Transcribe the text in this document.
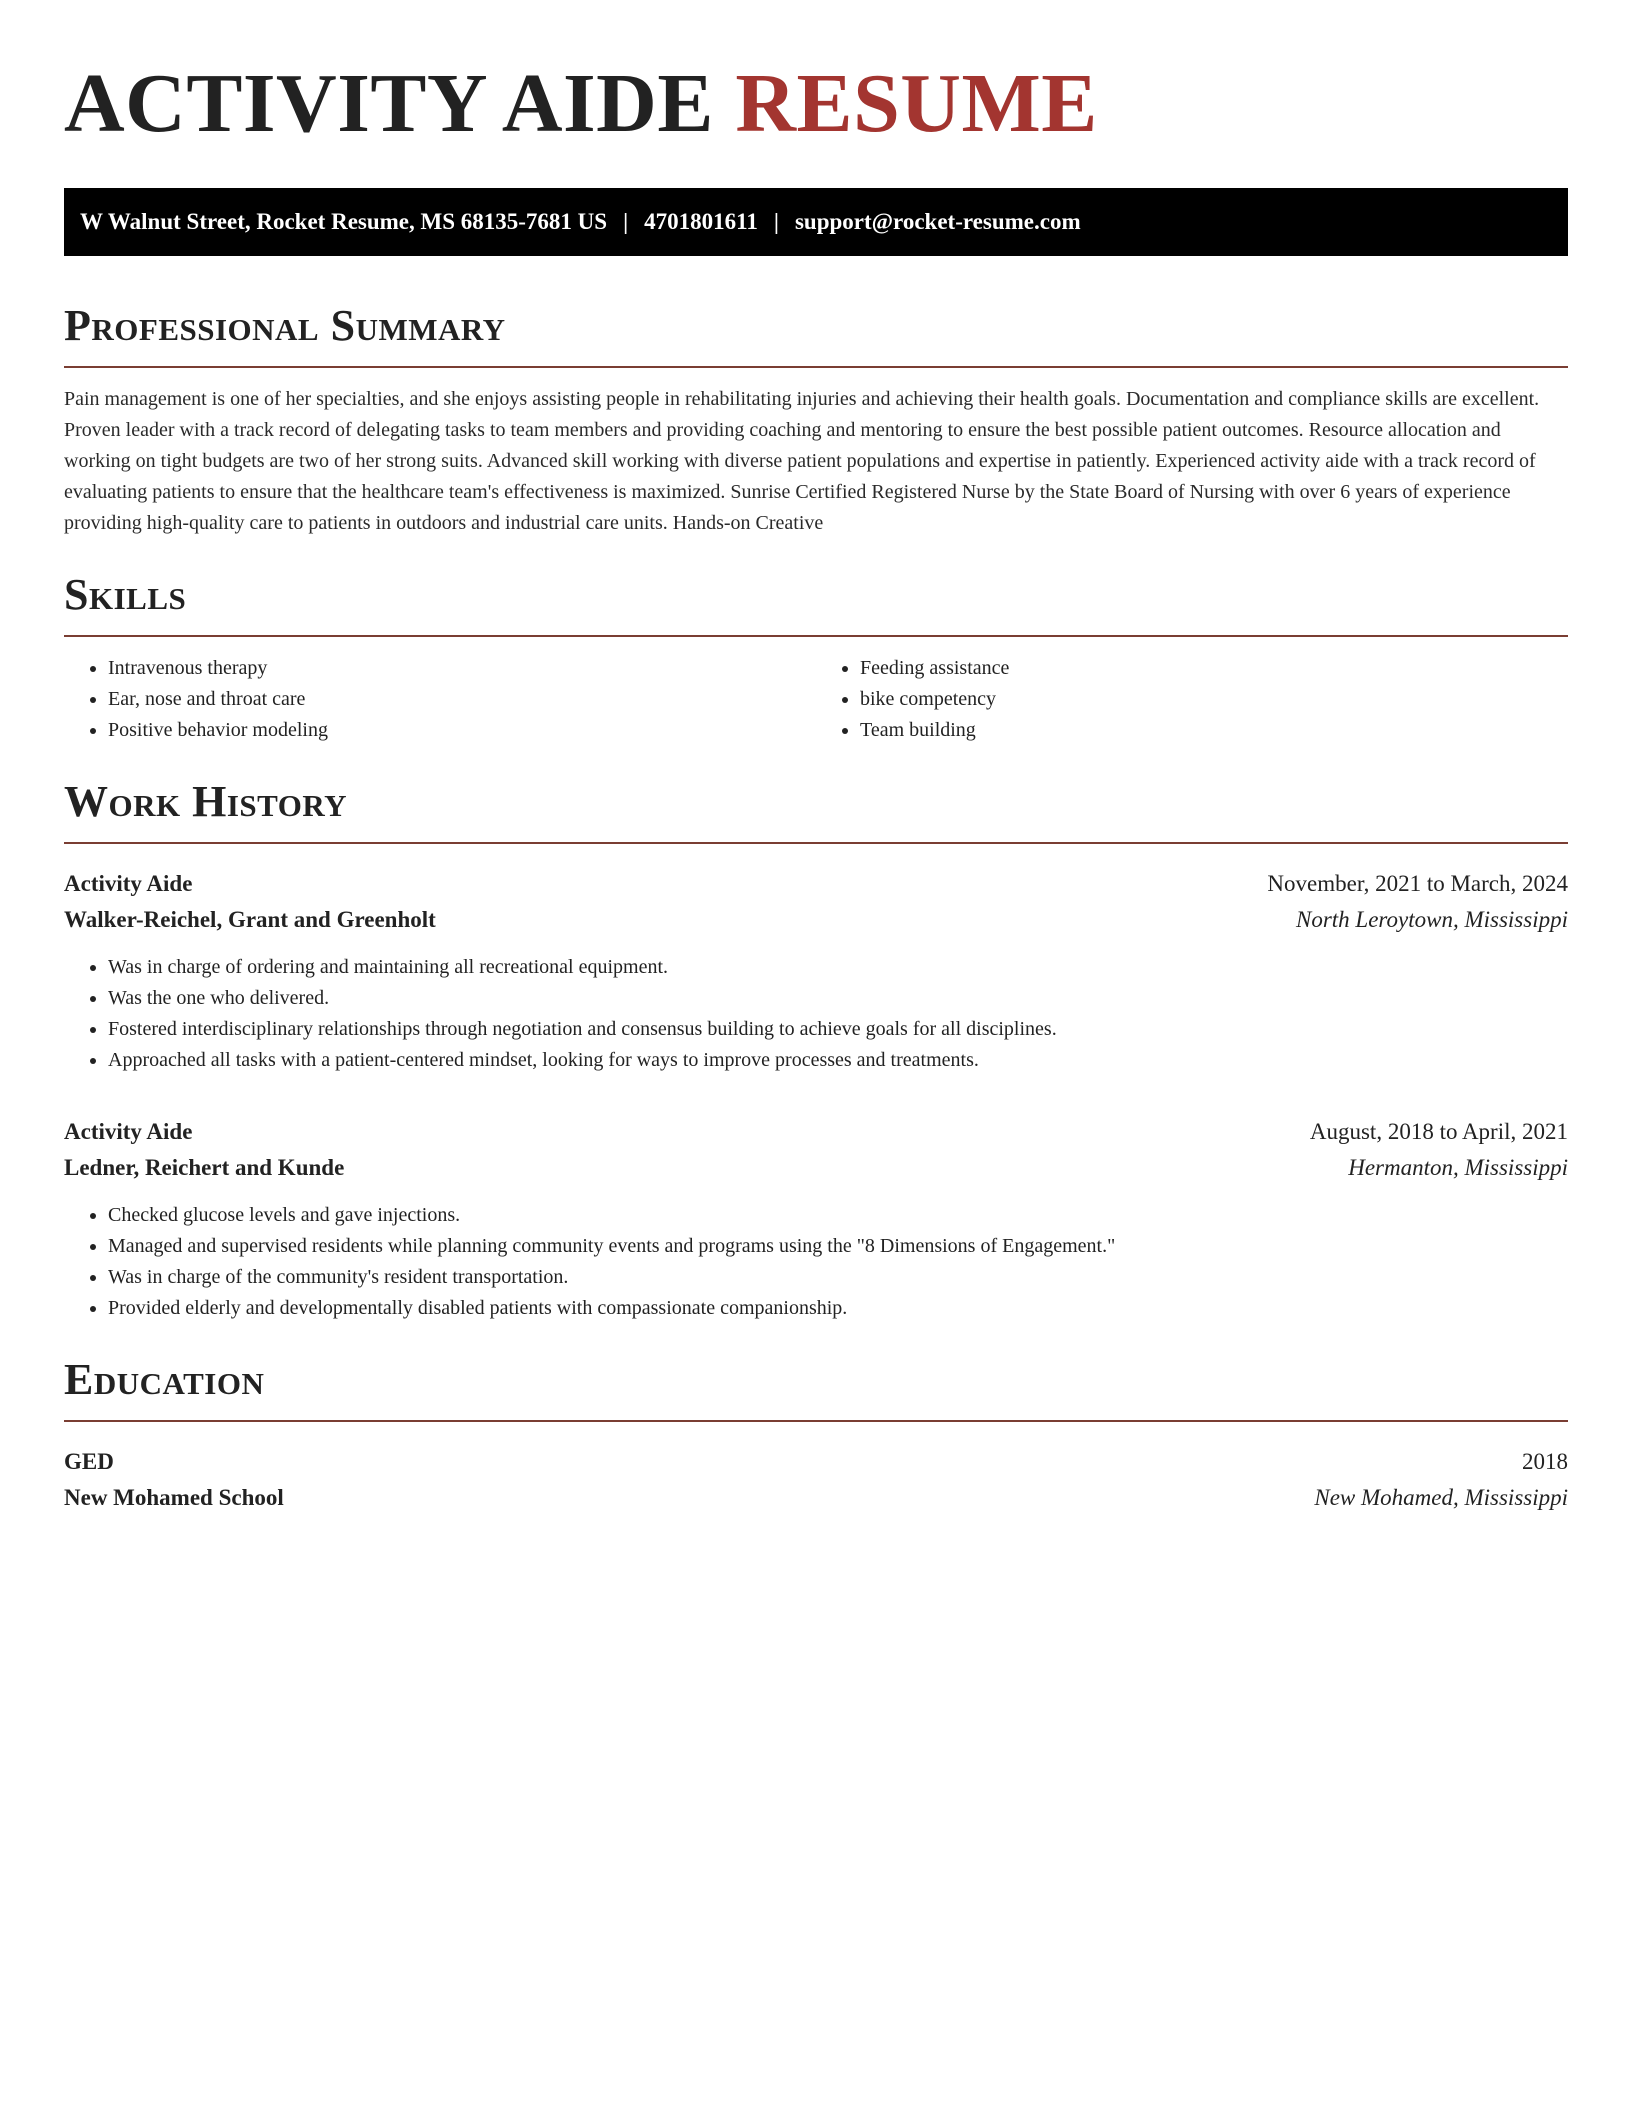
ACTIVITY AIDE RESUME
W Walnut Street, Rocket Resume, MS 68135-7681 US | 4701801611 | support@rocket-resume.com
Professional Summary

Pain management is one of her specialties, and she enjoys assisting people in rehabilitating injuries and achieving their health goals. Documentation and compliance skills are excellent. Proven leader with a track record of delegating tasks to team members and providing coaching and mentoring to ensure the best possible patient outcomes. Resource allocation and working on tight budgets are two of her strong suits. Advanced skill working with diverse patient populations and expertise in patiently. Experienced activity aide with a track record of evaluating patients to ensure that the healthcare team's effectiveness is maximized. Sunrise Certified Registered Nurse by the State Board of Nursing with over 6 years of experience providing high-quality care to patients in outdoors and industrial care units. Hands-on Creative

Skills
• Intravenous therapy
• Ear, nose and throat care
• Positive behavior modeling
• Feeding assistance
• bike competency
• Team building
Work History
Activity Aide	November, 2021 to March, 2024
Walker-Reichel, Grant and Greenholt	North Leroytown, Mississippi
• Was in charge of ordering and maintaining all recreational equipment.
• Was the one who delivered.
• Fostered interdisciplinary relationships through negotiation and consensus building to achieve goals for all disciplines.
• Approached all tasks with a patient-centered mindset, looking for ways to improve processes and treatments.
Activity Aide	August, 2018 to April, 2021
Ledner, Reichert and Kunde	Hermanton, Mississippi
• Checked glucose levels and gave injections.
• Managed and supervised residents while planning community events and programs using the "8 Dimensions of Engagement."
• Was in charge of the community's resident transportation.
• Provided elderly and developmentally disabled patients with compassionate companionship.
Education
GED	2018
New Mohamed School	New Mohamed, Mississippi
